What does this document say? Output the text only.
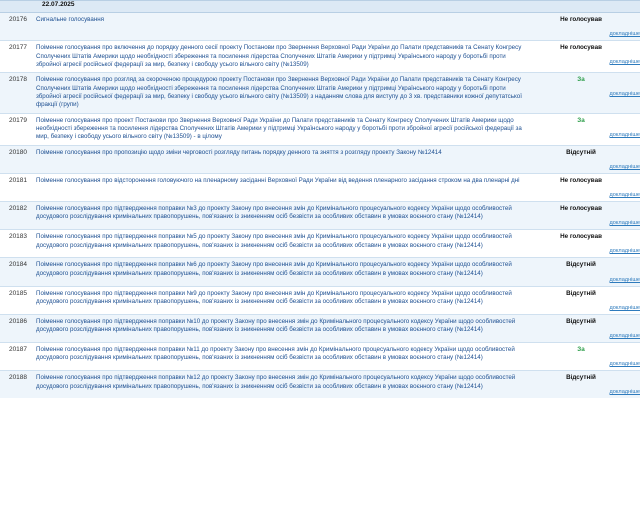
	22.07.2025	
20176	Сигнальне голосування	Не голосував
докладніше

20177	Поіменне голосування про включення до порядку денного сесії проекту Постанови про Звернення Верховної Ради України до Палати представників та Сенату Конгресу Сполучених Штатів Америки щодо необхідності збереження та посилення лідерства Сполучених Штатів Америки у підтримці Українського народу у боротьбі проти збройної агресії російської федерації за мир, безпеку і свободу усього вільного світу (№13509)	Не голосував
докладніше

20178	Поіменне голосування про розгляд за скороченою процедурою проекту Постанови про Звернення Верховної Ради України до Палати представників та Сенату Конгресу Сполучених Штатів Америки щодо необхідності збереження та посилення лідерства Сполучених Штатів Америки у підтримці Українського народу у боротьбі проти збройної агресії російської федерації за мир, безпеку і свободу усього вільного світу (№13509) з наданням слова для виступу до 3 хв. представники кожної депутатської фракції (групи)	За
докладніше

20179	Поіменне голосування про проект Постанови про Звернення Верховної Ради України до Палати представників та Сенату Конгресу Сполучених Штатів Америки щодо необхідності збереження та посилення лідерства Сполучених Штатів Америки у підтримці Українського народу у боротьбі проти збройної агресії російської федерації за мир, безпеку і свободу усього вільного світу (№13509) - в цілому	За
докладніше

20180	Поіменне голосування про пропозицію щодо зміни черговості розгляду питань порядку денного та зняття з розгляду проекту Закону №12414	Відсутній
докладніше

20181	Поіменне голосування про відсторонення головуючого на пленарному засіданні Верховної Ради України від ведення пленарного засідання строком на два пленарні дні	Не голосував
докладніше

20182	Поіменне голосування про підтвердження поправки №3 до проекту Закону про внесення змін до Кримінального процесуального кодексу України щодо особливостей досудового розслідування кримінальних правопорушень, пов'язаних із зникненням осіб безвісти за особливих обставин в умовах воєнного стану (№12414)	Не голосував
докладніше

20183	Поіменне голосування про підтвердження поправки №5 до проекту Закону про внесення змін до Кримінального процесуального кодексу України щодо особливостей досудового розслідування кримінальних правопорушень, пов'язаних із зникненням осіб безвісти за особливих обставин в умовах воєнного стану (№12414)	Не голосував
докладніше

20184	Поіменне голосування про підтвердження поправки №6 до проекту Закону про внесення змін до Кримінального процесуального кодексу України щодо особливостей досудового розслідування кримінальних правопорушень, пов'язаних із зникненням осіб безвісти за особливих обставин в умовах воєнного стану (№12414)	Відсутній
докладніше

20185	Поіменне голосування про підтвердження поправки №9 до проекту Закону про внесення змін до Кримінального процесуального кодексу України щодо особливостей досудового розслідування кримінальних правопорушень, пов'язаних із зникненням осіб безвісти за особливих обставин в умовах воєнного стану (№12414)	Відсутній
докладніше

20186	Поіменне голосування про підтвердження поправки №10 до проекту Закону про внесення змін до Кримінального процесуального кодексу України щодо особливостей досудового розслідування кримінальних правопорушень, пов'язаних із зникненням осіб безвісти за особливих обставин в умовах воєнного стану (№12414)	Відсутній
докладніше

20187	Поіменне голосування про підтвердження поправки №11 до проекту Закону про внесення змін до Кримінального процесуального кодексу України щодо особливостей досудового розслідування кримінальних правопорушень, пов'язаних із зникненням осіб безвісти за особливих обставин в умовах воєнного стану (№12414)	За
докладніше

20188	Поіменне голосування про підтвердження поправки №12 до проекту Закону про внесення змін до Кримінального процесуального кодексу України щодо особливостей досудового розслідування кримінальних правопорушень, пов'язаних із зникненням осіб безвісти за особливих обставин в умовах воєнного стану (№12414)	Відсутній
докладніше
